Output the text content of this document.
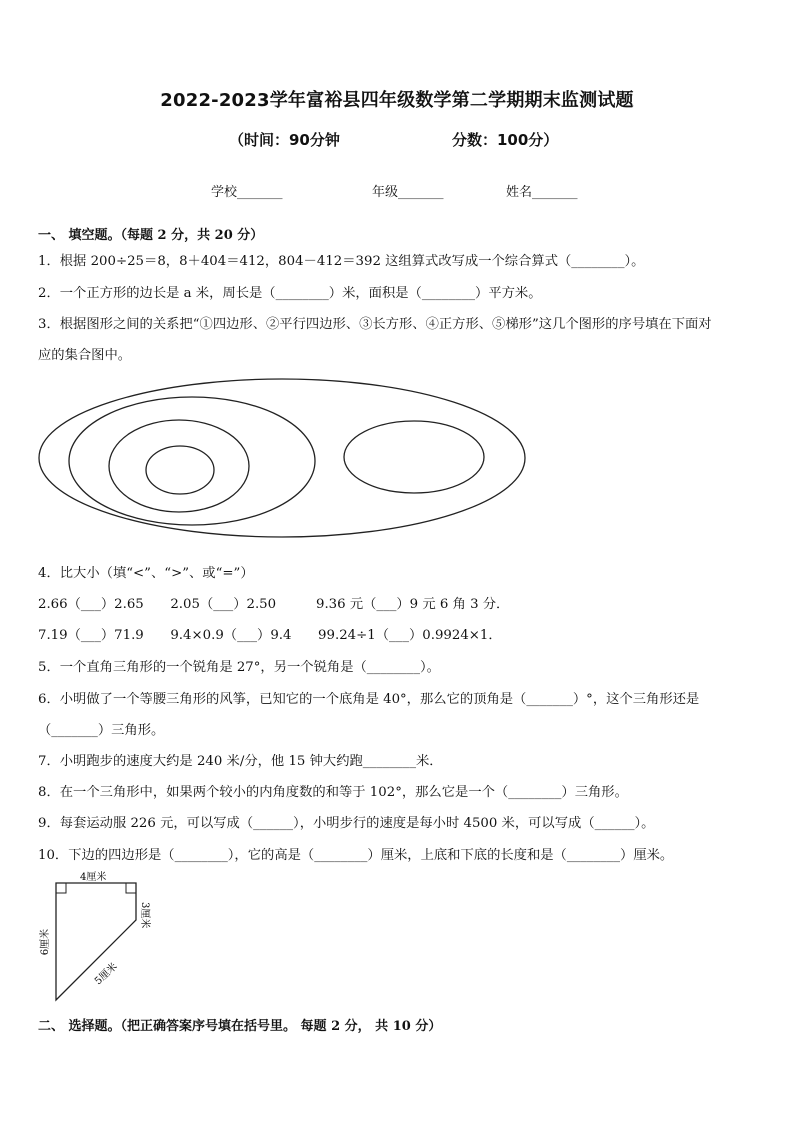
2022-2023学年富裕县四年级数学第二学期期末监测试题
（时间：90分钟	分数：100分）
学校_______	年级_______	姓名_______
一、 填空题。（每题 2 分，共 20 分）
1．根据 200÷25＝8，8＋404＝412，804－412＝392 这组算式改写成一个综合算式（________）。
2．一个正方形的边长是 a 米，周长是（________）米，面积是（________）平方米。
3．根据图形之间的关系把“①四边形、②平行四边形、③长方形、④正方形、⑤梯形”这几个图形的序号填在下面对
应的集合图中。
4．比大小（填“<”、“>”、或“=”）
2.66（___）2.65　　2.05（___）2.50　　　9.36 元（___）9 元 6 角 3 分．
7.19（___）71.9　　9.4×0.9（___）9.4　　99.24÷1（___）0.9924×1．
5．一个直角三角形的一个锐角是 27°，另一个锐角是（________）。
6．小明做了一个等腰三角形的风筝，已知它的一个底角是 40°，那么它的顶角是（_______）°，这个三角形还是
（_______）三角形。
7．小明跑步的速度大约是 240 米/分，他 15 钟大约跑________米．
8．在一个三角形中，如果两个较小的内角度数的和等于 102°，那么它是一个（________）三角形。
9．每套运动服 226 元，可以写成（______），小明步行的速度是每小时 4500 米，可以写成（______）。
10．下边的四边形是（________），它的高是（________）厘米，上底和下底的长度和是（________）厘米。
4厘米
3厘米
6厘米
5厘米
二、 选择题。（把正确答案序号填在括号里。 每题 2 分， 共 10 分）
